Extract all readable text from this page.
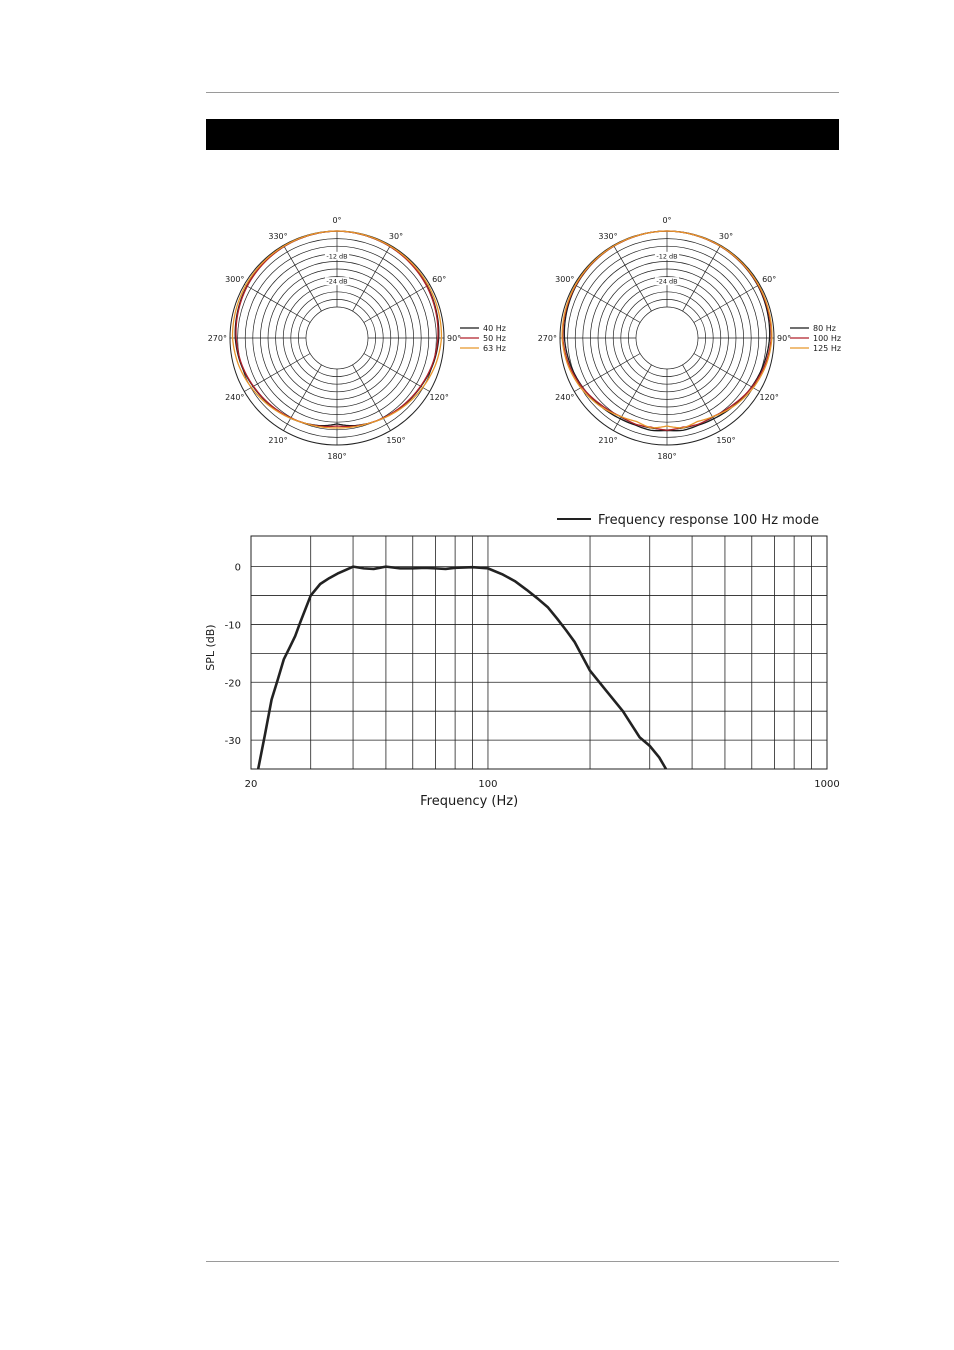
0°
30°
60°
90°
120°
150°
180°
210°
240°
270°
300°
330°
-12 dB
-24 dB
40 Hz
50 Hz
63 Hz
0°
30°
60°
90°
120°
150°
180°
210°
240°
270°
300°
330°
-12 dB
-24 dB
80 Hz
100 Hz
125 Hz
0
-10
-20
-30
20	100	1000
Frequency (Hz)
SPL (dB)
Frequency response 100 Hz mode
